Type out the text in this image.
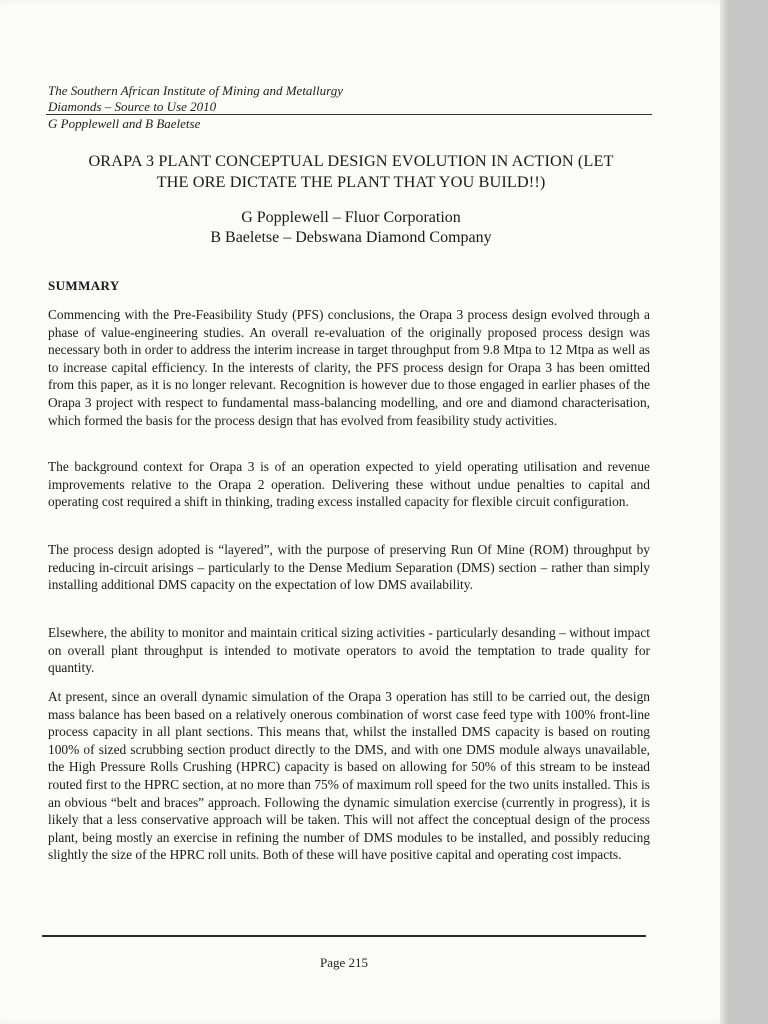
The Southern African Institute of Mining and Metallurgy
Diamonds – Source to Use 2010
G Popplewell and B Baeletse
ORAPA 3 PLANT CONCEPTUAL DESIGN EVOLUTION IN ACTION (LET
THE ORE DICTATE THE PLANT THAT YOU BUILD!!)
G Popplewell – Fluor Corporation
B Baeletse – Debswana Diamond Company
SUMMARY
Commencing with the Pre-Feasibility Study (PFS) conclusions, the Orapa 3 process design evolved through a phase of value-engineering studies. An overall re-evaluation of the originally proposed process design was necessary both in order to address the interim increase in target throughput from 9.8 Mtpa to 12 Mtpa as well as to increase capital efficiency. In the interests of clarity, the PFS process design for Orapa 3 has been omitted from this paper, as it is no longer relevant. Recognition is however due to those engaged in earlier phases of the Orapa 3 project with respect to fundamental mass-balancing modelling, and ore and diamond characterisation, which formed the basis for the process design that has evolved from feasibility study activities.
The background context for Orapa 3 is of an operation expected to yield operating utilisation and revenue improvements relative to the Orapa 2 operation. Delivering these without undue penalties to capital and operating cost required a shift in thinking, trading excess installed capacity for flexible circuit configuration.
The process design adopted is “layered”, with the purpose of preserving Run Of Mine (ROM) throughput by reducing in-circuit arisings – particularly to the Dense Medium Separation (DMS) section – rather than simply installing additional DMS capacity on the expectation of low DMS availability.
Elsewhere, the ability to monitor and maintain critical sizing activities - particularly desanding – without impact on overall plant throughput is intended to motivate operators to avoid the temptation to trade quality for quantity.
At present, since an overall dynamic simulation of the Orapa 3 operation has still to be carried out, the design mass balance has been based on a relatively onerous combination of worst case feed type with 100% front-line process capacity in all plant sections. This means that, whilst the installed DMS capacity is based on routing 100% of sized scrubbing section product directly to the DMS, and with one DMS module always unavailable, the High Pressure Rolls Crushing (HPRC) capacity is based on allowing for 50% of this stream to be instead routed first to the HPRC section, at no more than 75% of maximum roll speed for the two units installed. This is an obvious “belt and braces” approach. Following the dynamic simulation exercise (currently in progress), it is likely that a less conservative approach will be taken. This will not affect the conceptual design of the process plant, being mostly an exercise in refining the number of DMS modules to be installed, and possibly reducing slightly the size of the HPRC roll units. Both of these will have positive capital and operating cost impacts.
Page 215
